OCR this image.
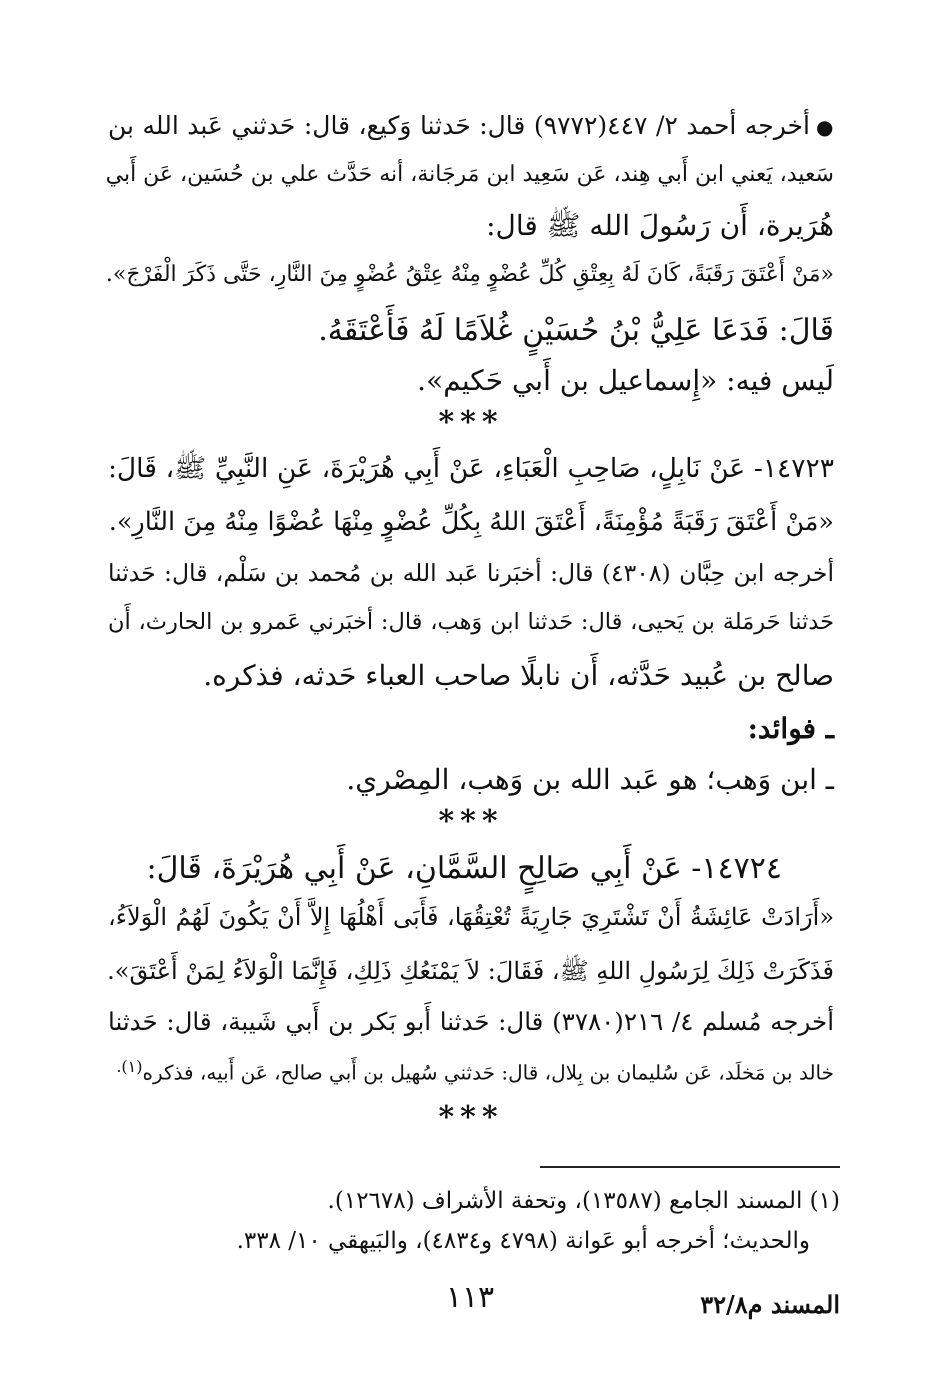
●أخرجه أحمد ٢/ ٤٤٧(٩٧٧٢) قال: حَدثنا وَكيع، قال: حَدثني عَبد الله بن
سَعيد، يَعني ابن أَبي هِند، عَن سَعِيد ابن مَرجَانة، أنه حَدَّث علي بن حُسَين، عَن أَبي
هُرَيرة، أَن رَسُولَ الله ﷺ قال:
«مَنْ أَعْتَقَ رَقَبَةً، كَانَ لَهُ بِعِتْقِ كُلِّ عُضْوٍ مِنْهُ عِتْقُ عُضْوٍ مِنَ النَّارِ، حَتَّى ذَكَرَ الْفَرْجَ».
قَالَ: فَدَعَا عَلِيُّ بْنُ حُسَيْنٍ غُلاَمًا لَهُ فَأَعْتَقَهُ.
لَيس فيه: «إِسماعيل بن أَبي حَكيم».
***
١٤٧٢٣- عَنْ نَابِلٍ، صَاحِبِ الْعَبَاءِ، عَنْ أَبِي هُرَيْرَةَ، عَنِ النَّبِيِّ ﷺ، قَالَ:
«مَنْ أَعْتَقَ رَقَبَةً مُؤْمِنَةً، أَعْتَقَ اللهُ بِكُلِّ عُضْوٍ مِنْهَا عُضْوًا مِنْهُ مِنَ النَّارِ».
أخرجه ابن حِبَّان (٤٣٠٨) قال: أخبَرنا عَبد الله بن مُحمد بن سَلْم، قال: حَدثنا
حَدثنا حَرمَلة بن يَحيى، قال: حَدثنا ابن وَهب، قال: أخبَرني عَمرو بن الحارث، أَن
صالح بن عُبيد حَدَّثه، أَن نابلًا صاحب العباء حَدثه، فذكره.
ـ فوائد:
ـ ابن وَهب؛ هو عَبد الله بن وَهب، المِصْري.
***
١٤٧٢٤- عَنْ أَبِي صَالِحٍ السَّمَّانِ، عَنْ أَبِي هُرَيْرَةَ، قَالَ:
«أَرَادَتْ عَائِشَةُ أَنْ تَشْتَرِيَ جَارِيَةً تُعْتِقُهَا، فَأَبَى أَهْلُهَا إِلاَّ أَنْ يَكُونَ لَهُمُ الْوَلاَءُ،
فَذَكَرَتْ ذَلِكَ لِرَسُولِ اللهِ ﷺ، فَقَالَ: لاَ يَمْنَعُكِ ذَلِكِ، فَإِنَّمَا الْوَلاَءُ لِمَنْ أَعْتَقَ».
أخرجه مُسلم ٤/ ٢١٦(٣٧٨٠) قال: حَدثنا أَبو بَكر بن أَبي شَيبة، قال: حَدثنا
خالد بن مَخلَد، عَن سُليمان بن بِلال، قال: حَدثني سُهيل بن أَبي صالح، عَن أَبيه، فذكره$^{(١).}$
***
(١) المسند الجامع (١٣٥٨٧)، وتحفة الأشراف (١٢٦٧٨).
والحديث؛ أخرجه أبو عَوانة (٤٧٩٨ و٤٨٣٤)، والبَيهقي ١٠/ ٣٣٨.
١١٣	المسند م٣٢/٨
